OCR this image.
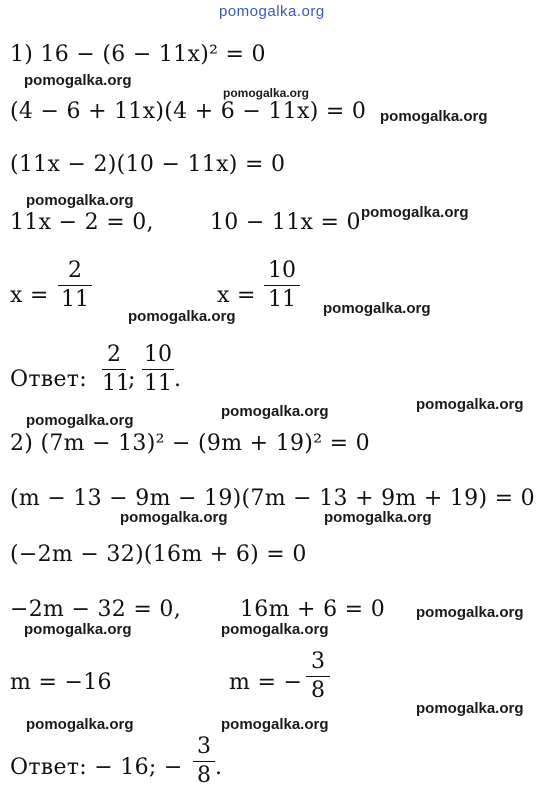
pomogalka.org
1) 16 − (6 − 11x)² = 0
(4 − 6 + 11x)(4 + 6 − 11x) = 0
(11x − 2)(10 − 11x) = 0
11x − 2 = 0,	10 − 11x = 0
x =
2
11	x =
10
11
Ответ:
2
11
;
10
11 .
2) (7m − 13)² − (9m + 19)² = 0
(m − 13 − 9m − 19)(7m − 13 + 9m + 19) = 0
(−2m − 32)(16m + 6) = 0
−2m − 32 = 0,	16m + 6 = 0
m = −16	m = −
3
8
Ответ: − 16; −
3
8 .
pomogalka.org
pomogalka.org
pomogalka.org
pomogalka.org
pomogalka.org
pomogalka.org
pomogalka.org
pomogalka.org
pomogalka.org
pomogalka.org
pomogalka.org	pomogalka.org
pomogalka.org
pomogalka.org	pomogalka.org
pomogalka.org
pomogalka.org	pomogalka.org
